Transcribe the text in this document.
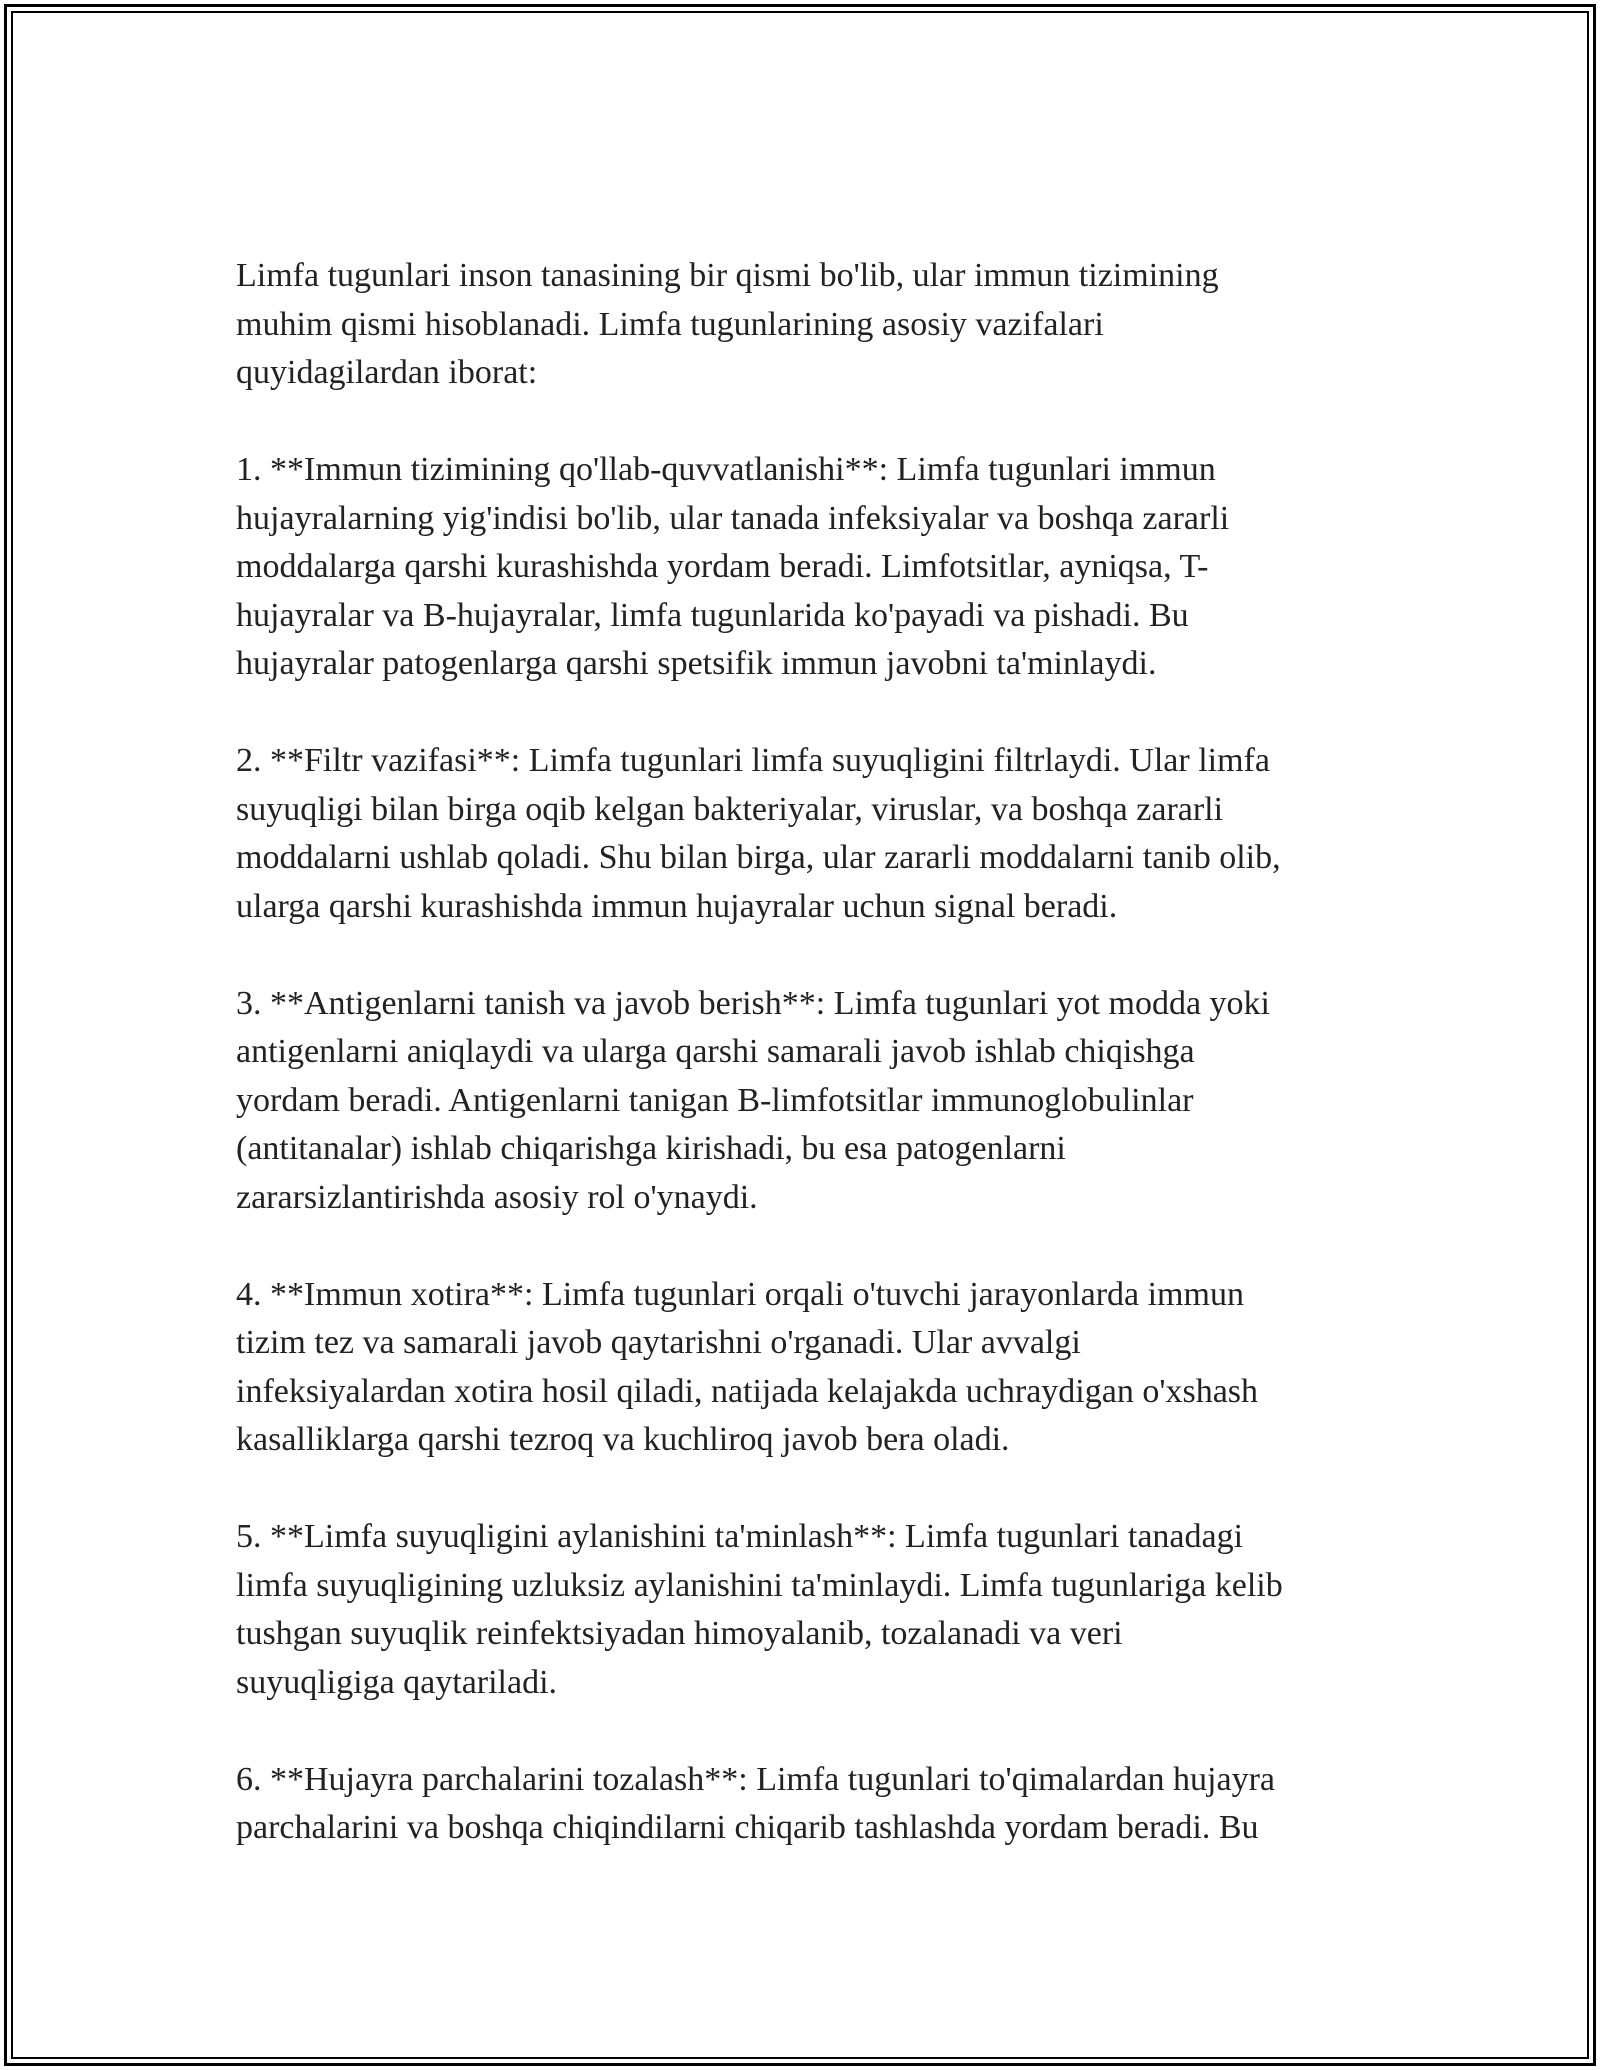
Limfa tugunlari inson tanasining bir qismi bo'lib, ular immun tizimining
muhim qismi hisoblanadi. Limfa tugunlarining asosiy vazifalari
quyidagilardan iborat:

1. **Immun tizimining qo'llab-quvvatlanishi**: Limfa tugunlari immun
hujayralarning yig'indisi bo'lib, ular tanada infeksiyalar va boshqa zararli
moddalarga qarshi kurashishda yordam beradi. Limfotsitlar, ayniqsa, T-
hujayralar va B-hujayralar, limfa tugunlarida ko'payadi va pishadi. Bu
hujayralar patogenlarga qarshi spetsifik immun javobni ta'minlaydi.

2. **Filtr vazifasi**: Limfa tugunlari limfa suyuqligini filtrlaydi. Ular limfa
suyuqligi bilan birga oqib kelgan bakteriyalar, viruslar, va boshqa zararli
moddalarni ushlab qoladi. Shu bilan birga, ular zararli moddalarni tanib olib,
ularga qarshi kurashishda immun hujayralar uchun signal beradi.

3. **Antigenlarni tanish va javob berish**: Limfa tugunlari yot modda yoki
antigenlarni aniqlaydi va ularga qarshi samarali javob ishlab chiqishga
yordam beradi. Antigenlarni tanigan B-limfotsitlar immunoglobulinlar
(antitanalar) ishlab chiqarishga kirishadi, bu esa patogenlarni
zararsizlantirishda asosiy rol o'ynaydi.

4. **Immun xotira**: Limfa tugunlari orqali o'tuvchi jarayonlarda immun
tizim tez va samarali javob qaytarishni o'rganadi. Ular avvalgi
infeksiyalardan xotira hosil qiladi, natijada kelajakda uchraydigan o'xshash
kasalliklarga qarshi tezroq va kuchliroq javob bera oladi.

5. **Limfa suyuqligini aylanishini ta'minlash**: Limfa tugunlari tanadagi
limfa suyuqligining uzluksiz aylanishini ta'minlaydi. Limfa tugunlariga kelib
tushgan suyuqlik reinfektsiyadan himoyalanib, tozalanadi va veri
suyuqligiga qaytariladi.

6. **Hujayra parchalarini tozalash**: Limfa tugunlari to'qimalardan hujayra
parchalarini va boshqa chiqindilarni chiqarib tashlashda yordam beradi. Bu
